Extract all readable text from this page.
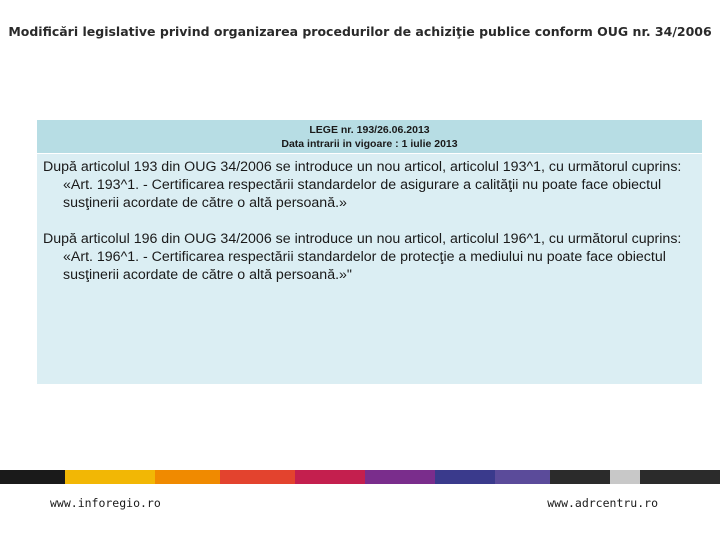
Modificări legislative privind organizarea procedurilor de achiziţie publice conform OUG nr. 34/2006
LEGE nr. 193/26.06.2013
Data intrarii in vigoare : 1 iulie 2013

După articolul 193 din OUG 34/2006 se introduce un nou articol, articolul 193^1, cu următorul cuprins:
«Art. 193^1. - Certificarea respectării standardelor de asigurare a calităţii nu poate face obiectul susţinerii acordate de către o altă persoană.»

După articolul 196 din OUG 34/2006 se introduce un nou articol, articolul 196^1, cu următorul cuprins:
«Art. 196^1. - Certificarea respectării standardelor de protecţie a mediului nu poate face obiectul susţinerii acordate de către o altă persoană.»"

www.inforegio.ro	www.adrcentru.ro
